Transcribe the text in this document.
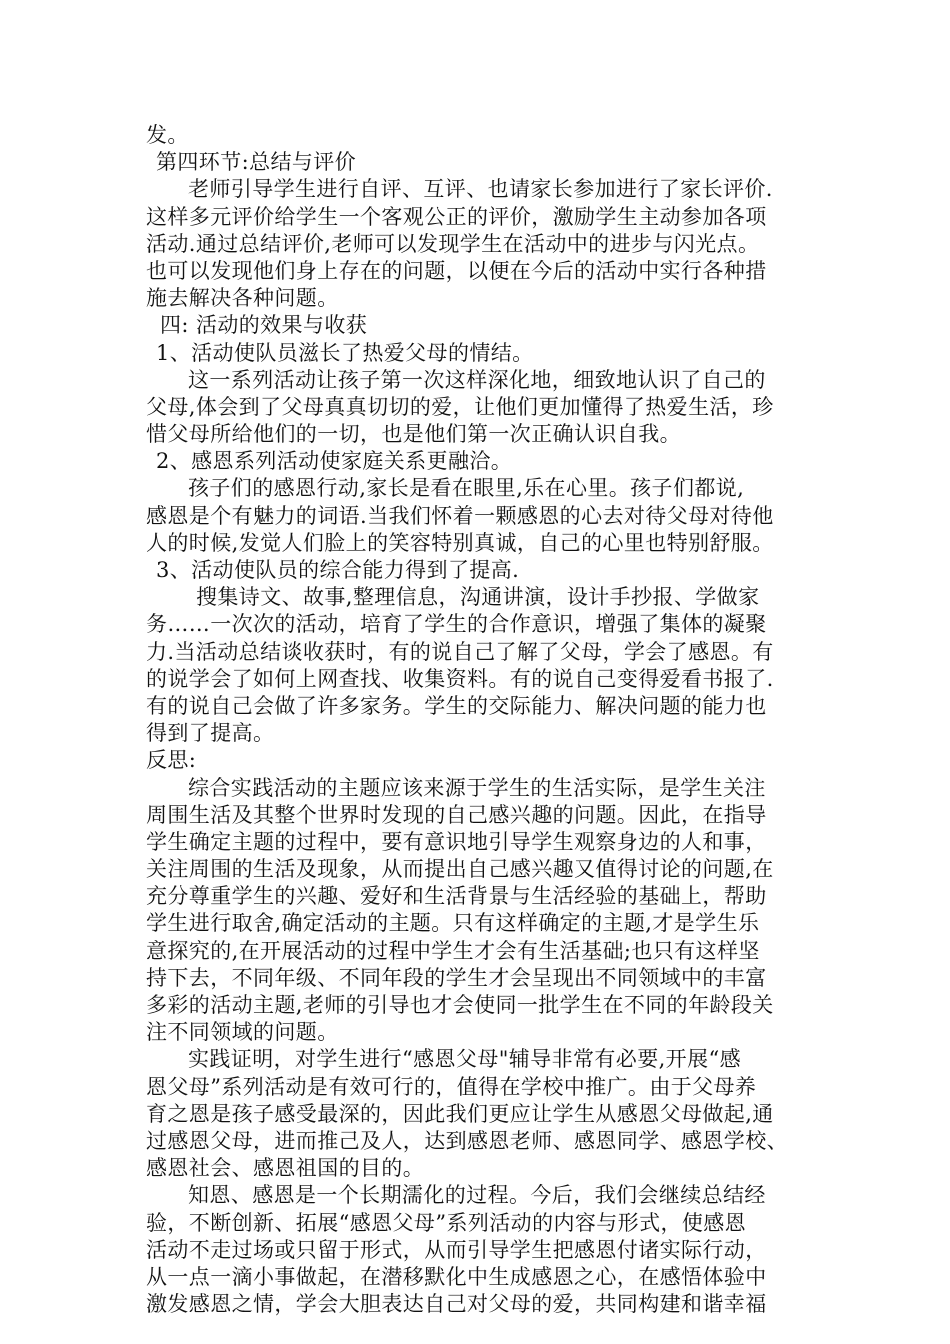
发。
第四环节:总结与评价
老师引导学生进行自评、互评、也请家长参加进行了家长评价.
这样多元评价给学生一个客观公正的评价，激励学生主动参加各项
活动.通过总结评价,老师可以发现学生在活动中的进步与闪光点。
也可以发现他们身上存在的问题，以便在今后的活动中实行各种措
施去解决各种问题。
四: 活动的效果与收获
1、活动使队员滋长了热爱父母的情结。
这一系列活动让孩子第一次这样深化地，细致地认识了自己的
父母,体会到了父母真真切切的爱，让他们更加懂得了热爱生活，珍
惜父母所给他们的一切，也是他们第一次正确认识自我。
2、感恩系列活动使家庭关系更融洽。
孩子们的感恩行动,家长是看在眼里,乐在心里。孩子们都说,
感恩是个有魅力的词语.当我们怀着一颗感恩的心去对待父母对待他
人的时候,发觉人们脸上的笑容特别真诚，自己的心里也特别舒服。
3、活动使队员的综合能力得到了提高.
搜集诗文、故事,整理信息，沟通讲演，设计手抄报、学做家
务……一次次的活动，培育了学生的合作意识，增强了集体的凝聚
力.当活动总结谈收获时，有的说自己了解了父母，学会了感恩。有
的说学会了如何上网查找、收集资料。有的说自己变得爱看书报了.
有的说自己会做了许多家务。学生的交际能力、解决问题的能力也
得到了提高。
反思:
综合实践活动的主题应该来源于学生的生活实际，是学生关注
周围生活及其整个世界时发现的自己感兴趣的问题。因此，在指导
学生确定主题的过程中，要有意识地引导学生观察身边的人和事，
关注周围的生活及现象，从而提出自己感兴趣又值得讨论的问题,在
充分尊重学生的兴趣、爱好和生活背景与生活经验的基础上，帮助
学生进行取舍,确定活动的主题。只有这样确定的主题,才是学生乐
意探究的,在开展活动的过程中学生才会有生活基础;也只有这样坚
持下去，不同年级、不同年段的学生才会呈现出不同领域中的丰富
多彩的活动主题,老师的引导也才会使同一批学生在不同的年龄段关
注不同领域的问题。
实践证明，对学生进行“感恩父母"辅导非常有必要,开展“感
恩父母”系列活动是有效可行的，值得在学校中推广。由于父母养
育之恩是孩子感受最深的，因此我们更应让学生从感恩父母做起,通
过感恩父母，进而推己及人，达到感恩老师、感恩同学、感恩学校、
感恩社会、感恩祖国的目的。
知恩、感恩是一个长期濡化的过程。今后，我们会继续总结经
验，不断创新、拓展“感恩父母”系列活动的内容与形式，使感恩
活动不走过场或只留于形式，从而引导学生把感恩付诸实际行动，
从一点一滴小事做起，在潜移默化中生成感恩之心，在感悟体验中
激发感恩之情，学会大胆表达自己对父母的爱，共同构建和谐幸福
